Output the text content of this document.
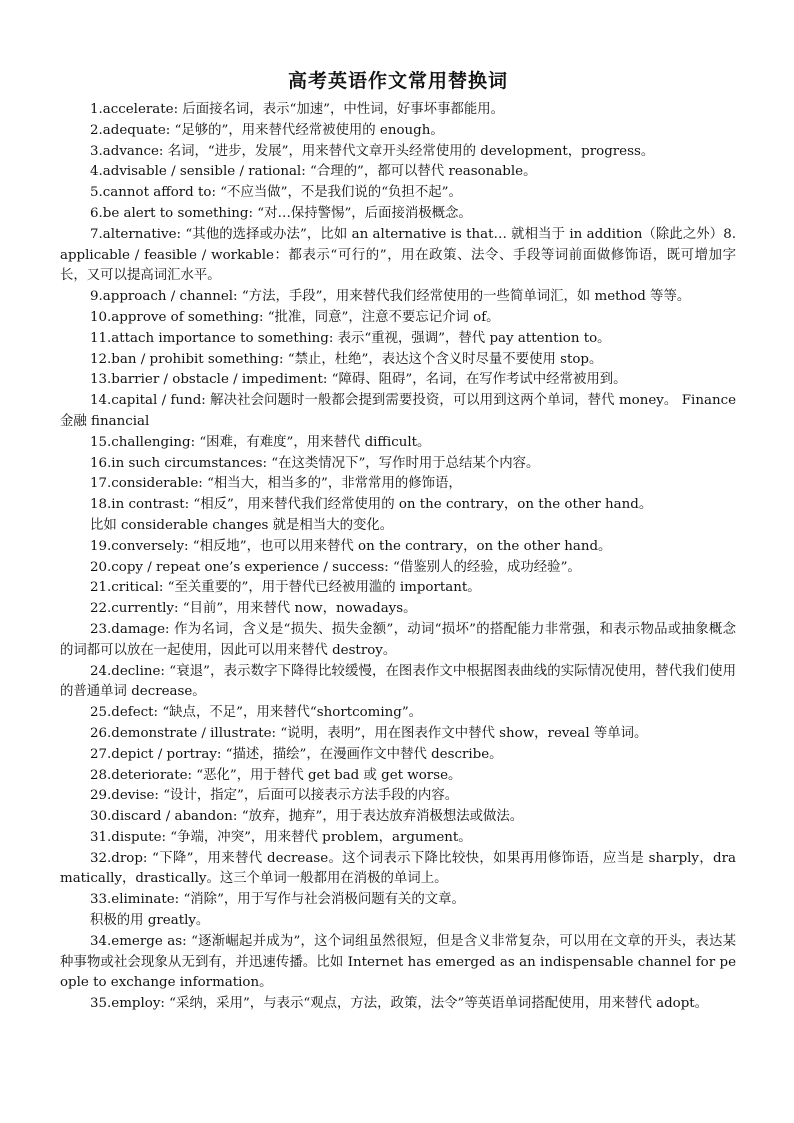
高考英语作文常用替换词

1.accelerate: 后面接名词，表示“加速”，中性词，好事坏事都能用。

2.adequate: “足够的”，用来替代经常被使用的 enough。

3.advance: 名词，“进步，发展”，用来替代文章开头经常使用的 development，progress。

4.advisable / sensible / rational: “合理的”，都可以替代 reasonable。

5.cannot afford to: “不应当做”，不是我们说的“负担不起”。

6.be alert to something: “对…保持警惕”，后面接消极概念。

7.alternative: “其他的选择或办法”，比如 an alternative is that… 就相当于 in addition（除此之外）8.applicable / feasible / workable：都表示“可行的”，用在政策、法令、手段等词前面做修饰语，既可增加字长，又可以提高词汇水平。

9.approach / channel: “方法，手段”，用来替代我们经常使用的一些简单词汇，如 method 等等。

10.approve of something: “批准，同意”，注意不要忘记介词 of。

11.attach importance to something: 表示“重视，强调”，替代 pay attention to。

12.ban / prohibit something: “禁止，杜绝”，表达这个含义时尽量不要使用 stop。

13.barrier / obstacle / impediment: “障碍、阻碍”，名词，在写作考试中经常被用到。

14.capital / fund: 解决社会问题时一般都会提到需要投资，可以用到这两个单词，替代 money。 Finance 金融 financial

15.challenging: “困难，有难度”，用来替代 difficult。

16.in such circumstances: “在这类情况下”，写作时用于总结某个内容。

17.considerable: “相当大，相当多的”，非常常用的修饰语，

18.in contrast: “相反”，用来替代我们经常使用的 on the contrary，on the other hand。

比如 considerable changes 就是相当大的变化。

19.conversely: “相反地”，也可以用来替代 on the contrary，on the other hand。

20.copy / repeat one’s experience / success: “借鉴别人的经验，成功经验”。

21.critical: “至关重要的”，用于替代已经被用滥的 important。

22.currently: “目前”，用来替代 now，nowadays。

23.damage: 作为名词，含义是“损失、损失金额”，动词“损坏”的搭配能力非常强，和表示物品或抽象概念的词都可以放在一起使用，因此可以用来替代 destroy。

24.decline: “衰退”，表示数字下降得比较缓慢，在图表作文中根据图表曲线的实际情况使用，替代我们使用的普通单词 decrease。

25.defect: “缺点，不足”，用来替代“shortcoming”。

26.demonstrate / illustrate: “说明，表明”，用在图表作文中替代 show，reveal 等单词。

27.depict / portray: “描述，描绘”，在漫画作文中替代 describe。

28.deteriorate: “恶化”，用于替代 get bad 或 get worse。

29.devise: “设计，指定”，后面可以接表示方法手段的内容。

30.discard / abandon: “放弃，抛弃”，用于表达放弃消极想法或做法。

31.dispute: “争端，冲突”，用来替代 problem，argument。

32.drop: “下降”，用来替代 decrease。这个词表示下降比较快，如果再用修饰语，应当是 sharply，dramatically，drastically。这三个单词一般都用在消极的单词上。

33.eliminate: “消除”，用于写作与社会消极问题有关的文章。

积极的用 greatly。

34.emerge as: “逐渐崛起并成为”，这个词组虽然很短，但是含义非常复杂，可以用在文章的开头，表达某种事物或社会现象从无到有，并迅速传播。比如 Internet has emerged as an indispensable channel for people to exchange information。

35.employ: “采纳，采用”，与表示“观点，方法，政策，法令”等英语单词搭配使用，用来替代 adopt。
